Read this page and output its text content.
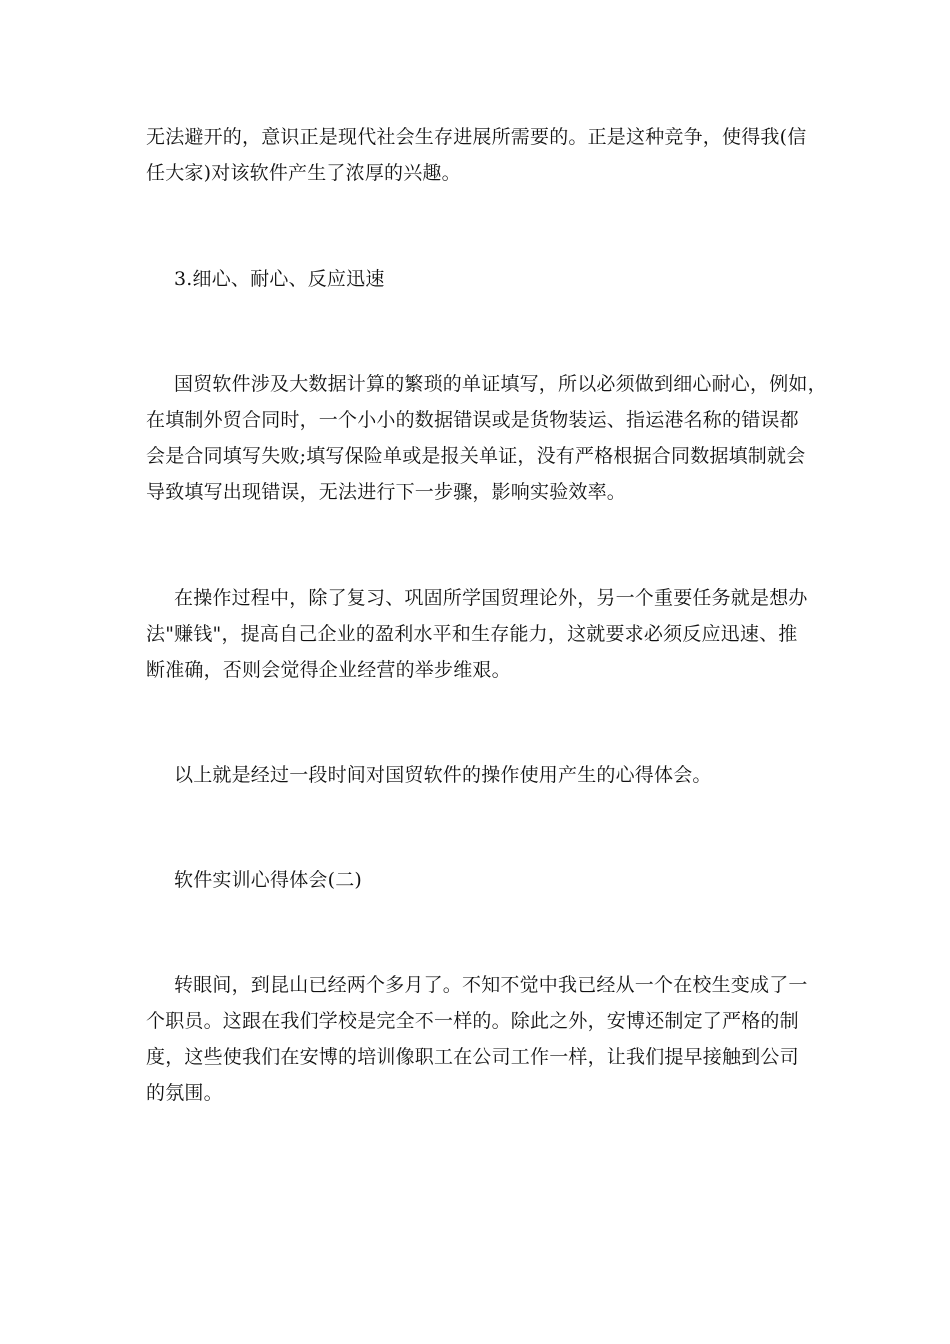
无法避开的，意识正是现代社会生存进展所需要的。正是这种竞争，使得我(信
任大家)对该软件产生了浓厚的兴趣。
3.细心、耐心、反应迅速
国贸软件涉及大数据计算的繁琐的单证填写，所以必须做到细心耐心，例如，
在填制外贸合同时，一个小小的数据错误或是货物装运、指运港名称的错误都
会是合同填写失败;填写保险单或是报关单证，没有严格根据合同数据填制就会
导致填写出现错误，无法进行下一步骤，影响实验效率。
在操作过程中，除了复习、巩固所学国贸理论外，另一个重要任务就是想办
法"赚钱"，提高自己企业的盈利水平和生存能力，这就要求必须反应迅速、推
断准确，否则会觉得企业经营的举步维艰。
以上就是经过一段时间对国贸软件的操作使用产生的心得体会。
软件实训心得体会(二)
转眼间，到昆山已经两个多月了。不知不觉中我已经从一个在校生变成了一
个职员。这跟在我们学校是完全不一样的。除此之外，安博还制定了严格的制
度，这些使我们在安博的培训像职工在公司工作一样，让我们提早接触到公司
的氛围。
